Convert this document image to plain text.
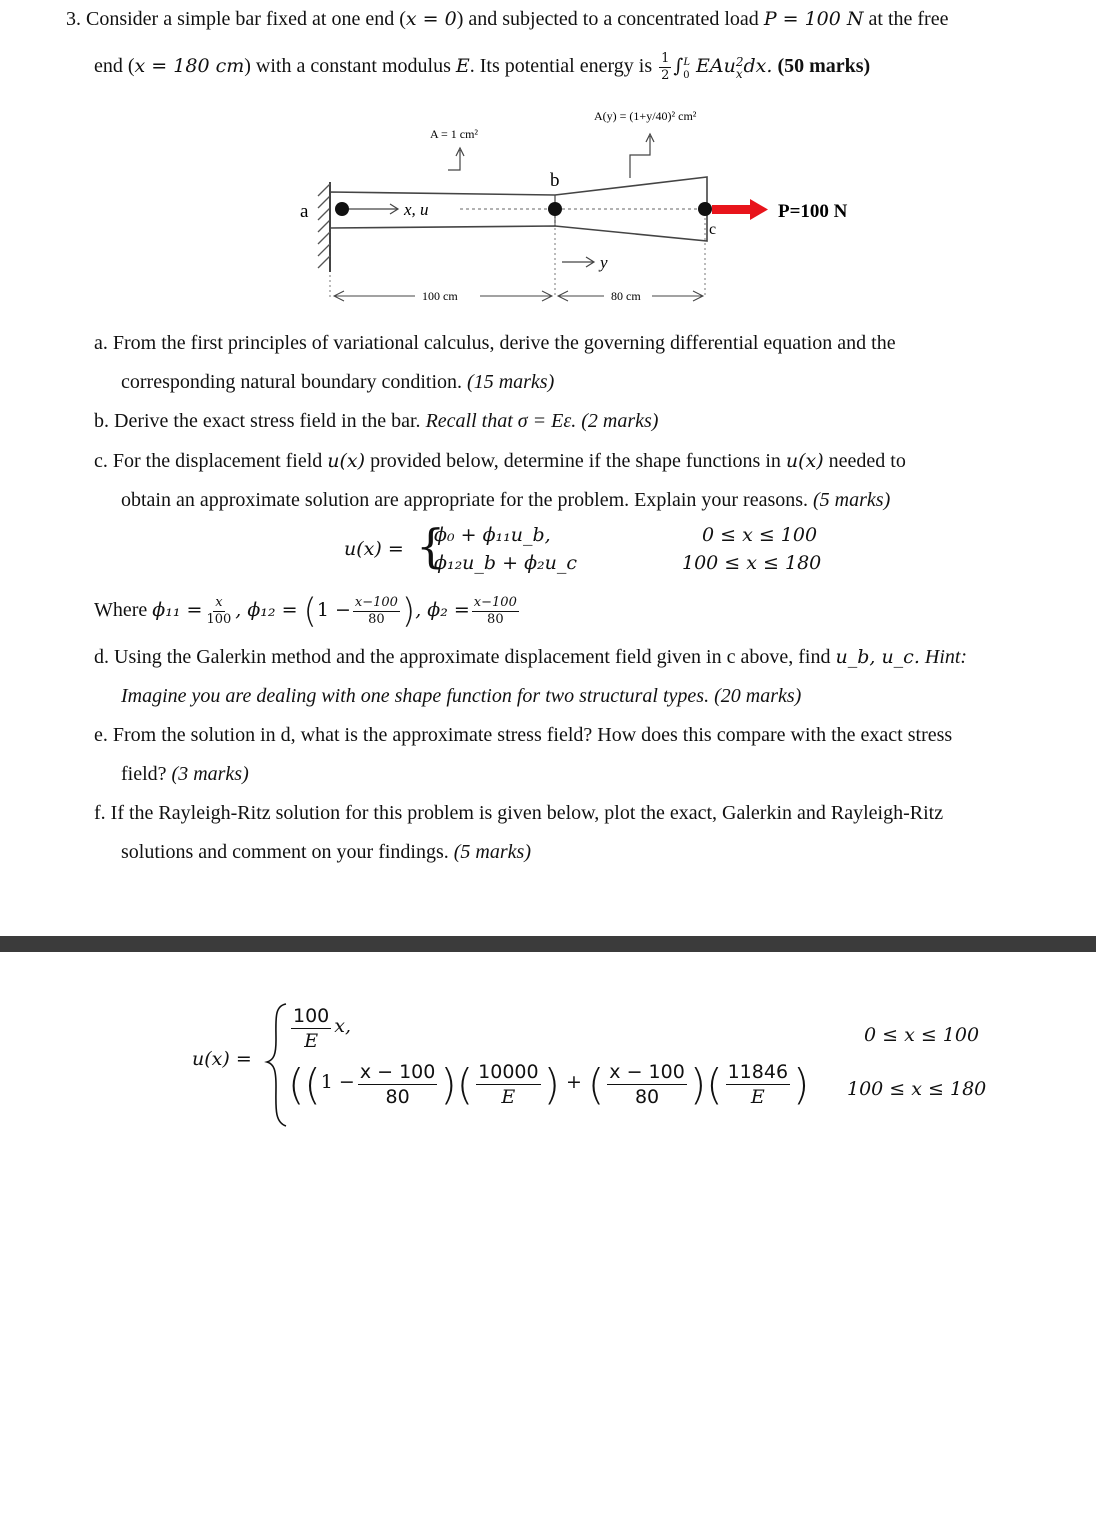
3. Consider a simple bar fixed at one end (x = 0) and subjected to a concentrated load P = 100 N at the free
end (x = 180 cm) with a constant modulus E. Its potential energy is $\frac{1}{2}$ ∫ L
0 EAu 2
x dx. (50 marks)
x, u
a
b
c
P=100 N
A = 1 cm²
A(y) = (1+y/40)² cm²
y
100 cm	80 cm
a. From the first principles of variational calculus, derive the governing differential equation and the
corresponding natural boundary condition. (15 marks)
b. Derive the exact stress field in the bar. Recall that σ = Eε. (2 marks)
c. For the displacement field u(x) provided below, determine if the shape functions in u(x) needed to
obtain an approximate solution are appropriate for the problem. Explain your reasons. (5 marks)
u(x) = {
ϕ₀ + ϕ₁₁u_b,
ϕ₁₂u_b + ϕ₂u_c
0 ≤ x ≤ 100
100 ≤ x ≤ 180
Where $\phi_{11} = \frac{x}{100}$ , $\phi_{12} = (1 - \frac{x-100}{80}$ ), $\phi_2 = \frac{x-100}{80}$
d. Using the Galerkin method and the approximate displacement field given in c above, find u_b, u_c. Hint:
Imagine you are dealing with one shape function for two structural types. (20 marks)
e. From the solution in d, what is the approximate stress field? How does this compare with the exact stress
field? (3 marks)
f. If the Rayleigh-Ritz solution for this problem is given below, plot the exact, Galerkin and Rayleigh-Ritz
solutions and comment on your findings. (5 marks)
u(x) =
$\frac{100}{E} x$,
(($1 - \frac{x - 100}{80}$ )( $\frac{10000}{E}$ ) + ( $\frac{x - 100}{80}$ )( $\frac{11846}{E}$ )
0 ≤ x ≤ 100
100 ≤ x ≤ 180
